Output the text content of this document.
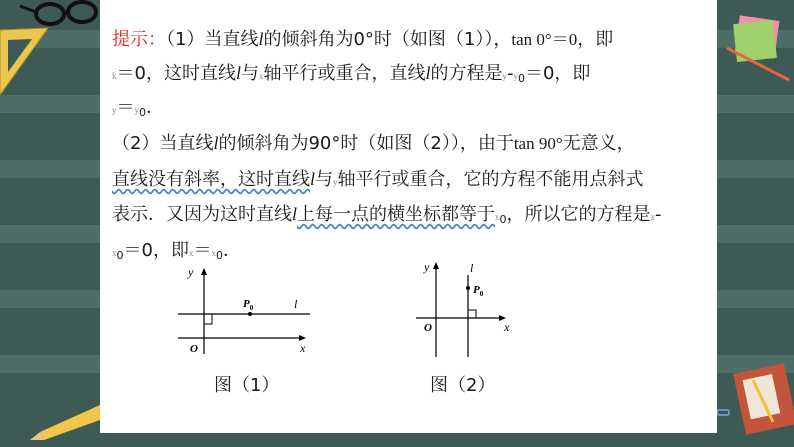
提示：（1）当直线l的倾斜角为0°时（如图（1）），tan 0°＝0，即
k＝0，这时直线l与x轴平行或重合，直线l的方程是$y-y_0=0$，即
$y=y_0$．
（2）当直线l的倾斜角为90°时（如图（2）），由于tan 90°无意义，
直线没有斜率，这时直线l与y轴平行或重合，它的方程不能用点斜式
表示．又因为这时直线l上每一点的横坐标都等于$x_0$，所以它的方程是x-
$x_0=0$，即$x=x_0$．
y
x
O
$P_0$	l
图（1）
y
x
O
$P_0$
l
图（2）
